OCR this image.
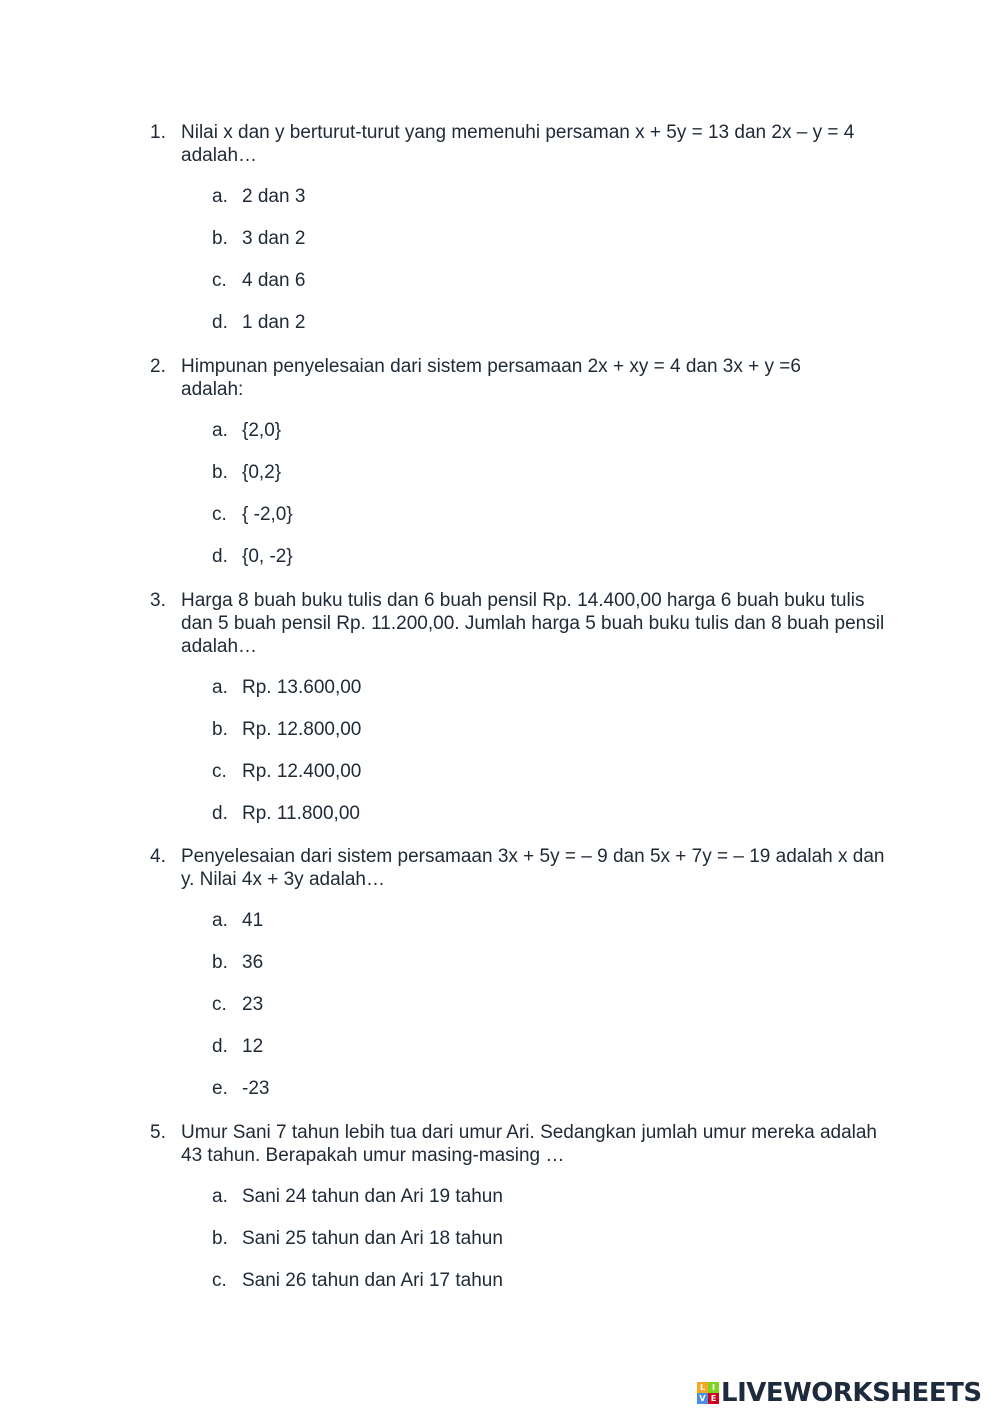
1. Nilai x dan y berturut-turut yang memenuhi persaman x + 5y = 13 dan 2x – y = 4 adalah…
a. 2 dan 3
b. 3 dan 2
c. 4 dan 6
d. 1 dan 2
2. Himpunan penyelesaian dari sistem persamaan 2x + xy = 4 dan 3x + y =6 adalah:
a. {2,0}
b. {0,2}
c. { -2,0}
d. {0, -2}
3. Harga 8 buah buku tulis dan 6 buah pensil Rp. 14.400,00 harga 6 buah buku tulis dan 5 buah pensil Rp. 11.200,00. Jumlah harga 5 buah buku tulis dan 8 buah pensil adalah…
a. Rp. 13.600,00
b. Rp. 12.800,00
c. Rp. 12.400,00
d. Rp. 11.800,00
4. Penyelesaian dari sistem persamaan 3x + 5y = – 9 dan 5x + 7y = – 19 adalah x dan y. Nilai 4x + 3y adalah…
a. 41
b. 36
c. 23
d. 12
e. -23
5. Umur Sani 7 tahun lebih tua dari umur Ari. Sedangkan jumlah umur mereka adalah 43 tahun. Berapakah umur masing-masing …
a. Sani 24 tahun dan Ari 19 tahun
b. Sani 25 tahun dan Ari 18 tahun
c. Sani 26 tahun dan Ari 17 tahun
L I
V E LIVEWORKSHEETS
